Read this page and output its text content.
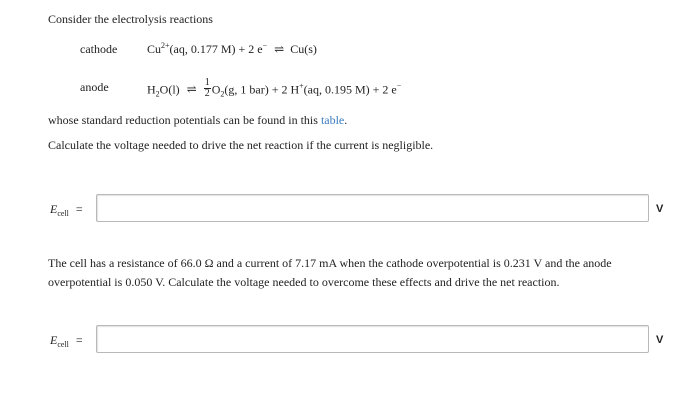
Consider the electrolysis reactions
cathode $Cu^{2+}(aq$, 0.177 M) + 2 e− ⇌ Cu(s)
anode	$H_2O(l)$ ⇌ $\frac{1}{2} O_2(g$, 1 bar) + 2 H+(aq, 0.195 M) + 2 e−
whose standard reduction potentials can be found in this table.
Calculate the voltage needed to drive the net reaction if the current is negligible.
$E_{cell}$ =	V
The cell has a resistance of 66.0 Ω and a current of 7.17 mA when the cathode overpotential is 0.231 V and the anode overpotential is 0.050 V. Calculate the voltage needed to overcome these effects and drive the net reaction.
$E_{cell}$ =	V
